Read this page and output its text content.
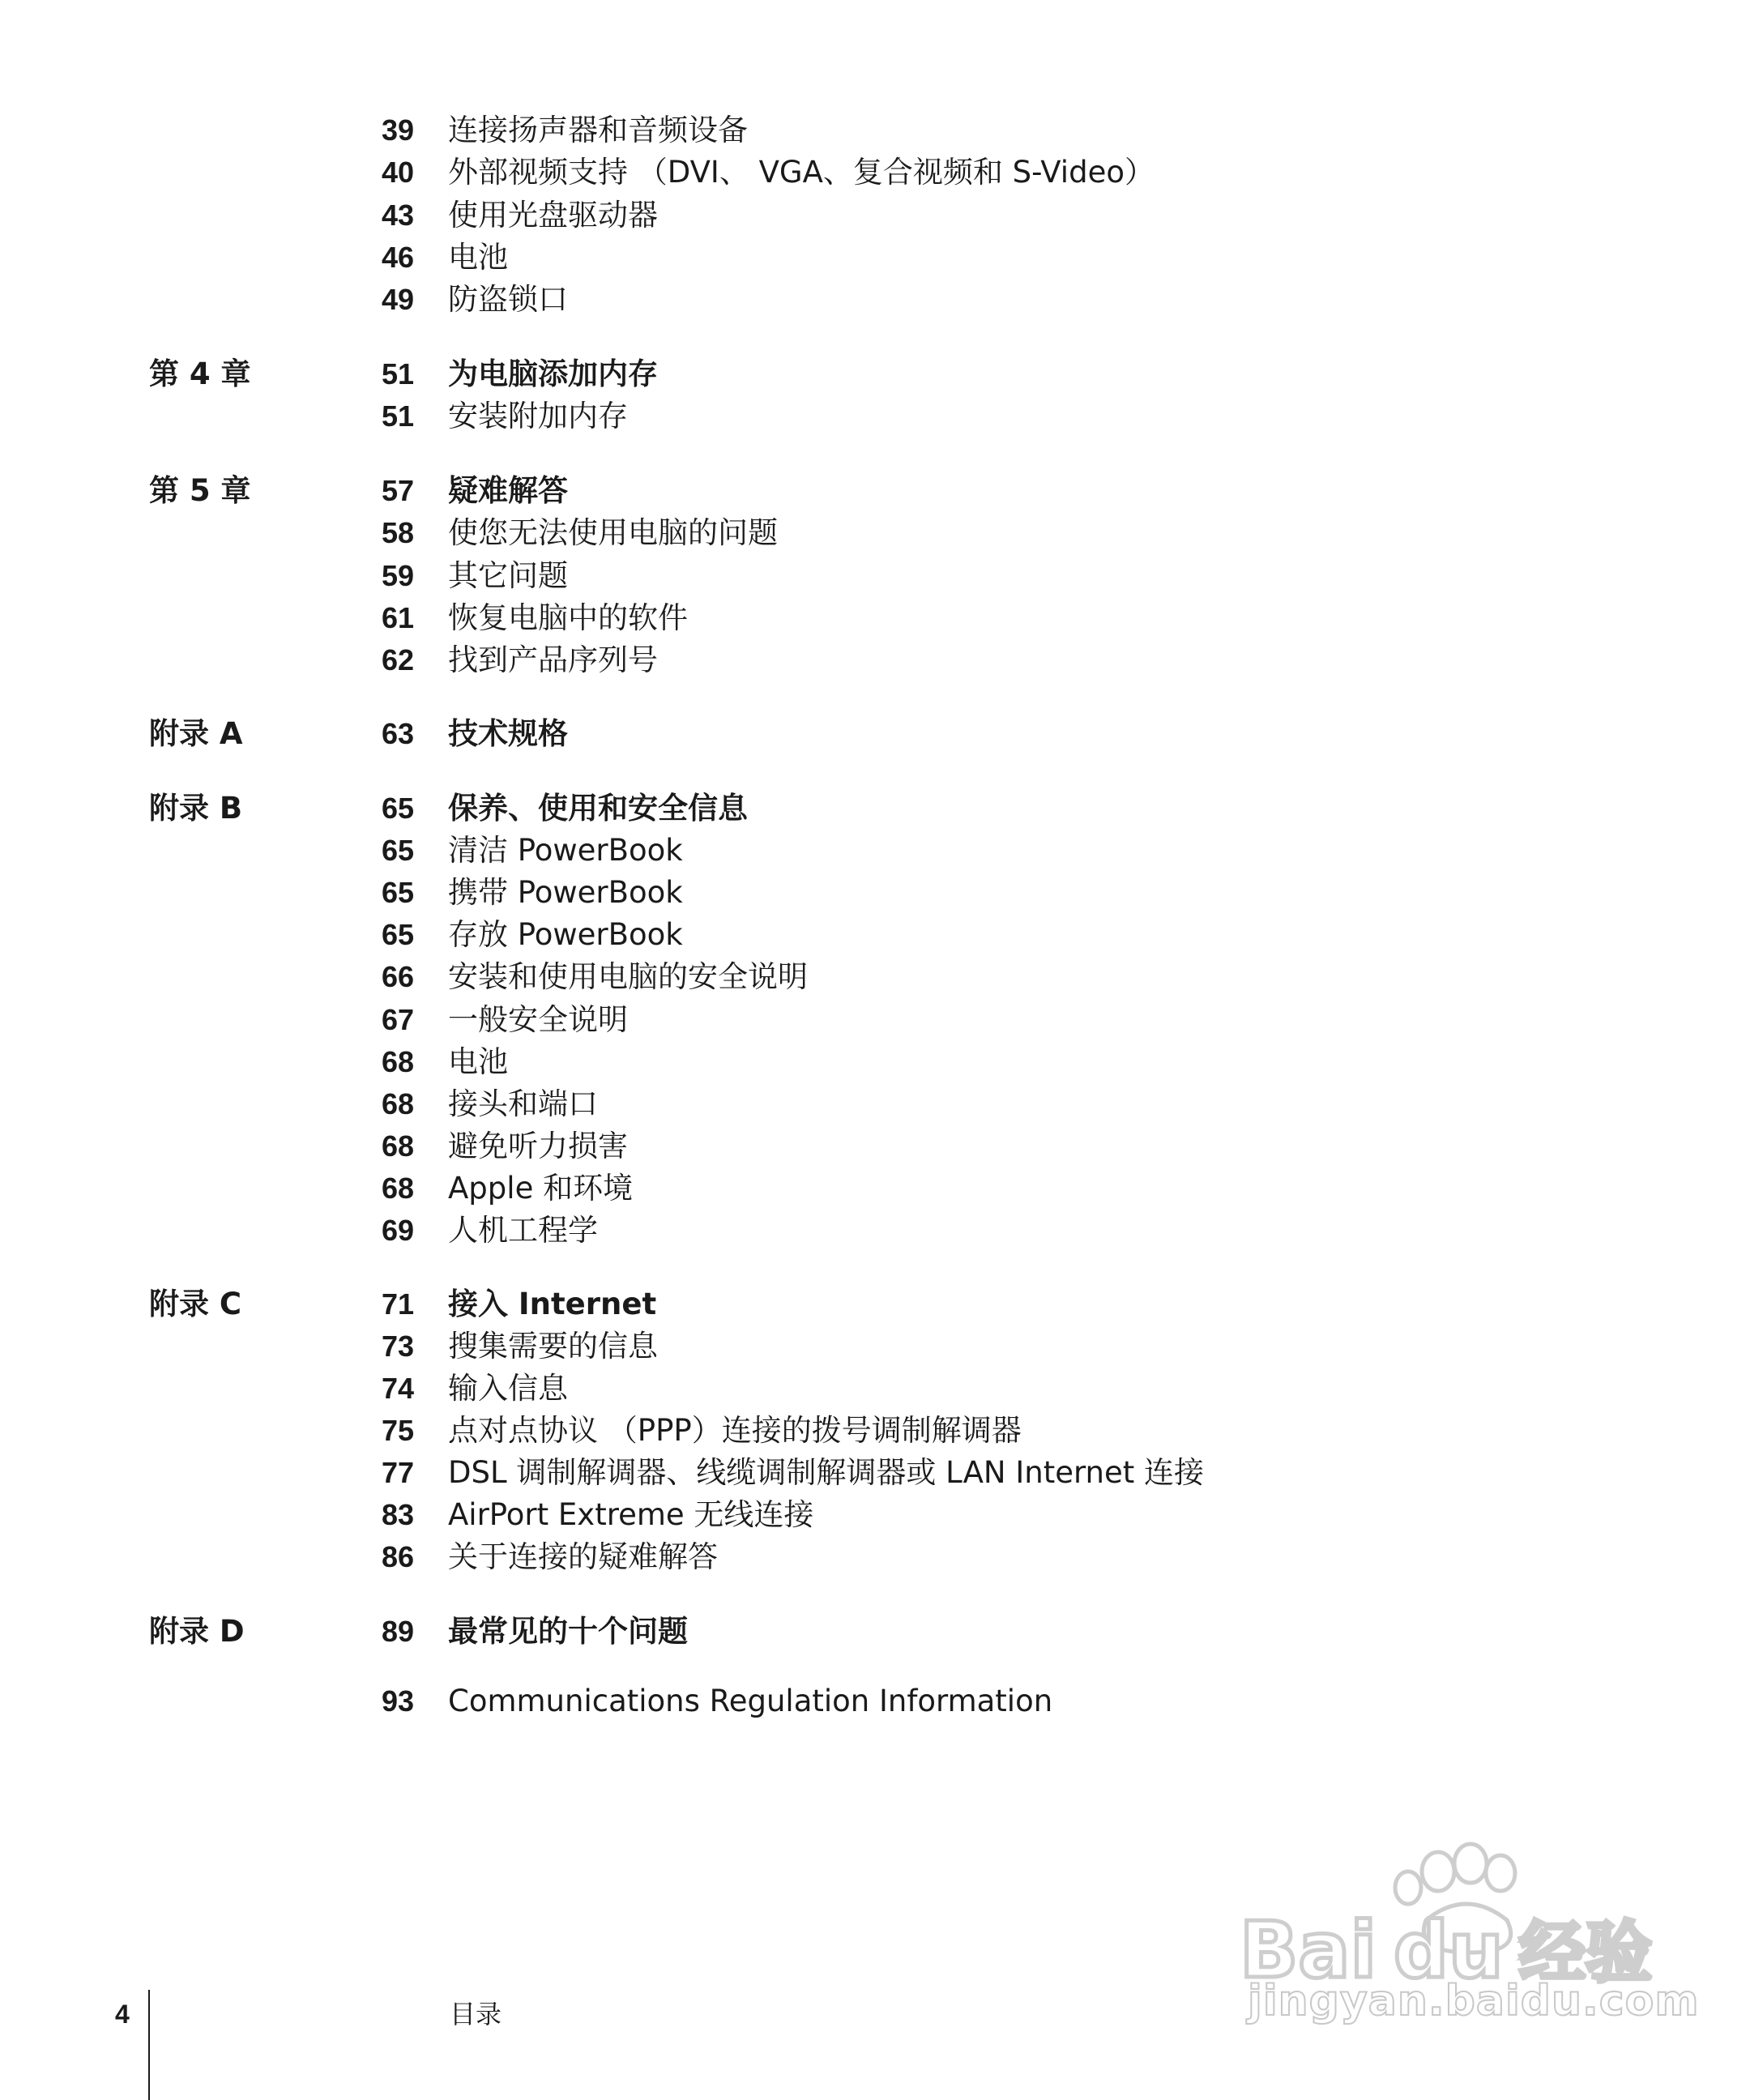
39 连接扬声器和音频设备
40 外部视频支持 （DVI、 VGA、复合视频和 S-Video）
43 使用光盘驱动器
46 电池
49 防盗锁口
第 4 章	51 为电脑添加内存
51 安装附加内存
第 5 章	57 疑难解答
58 使您无法使用电脑的问题
59 其它问题
61 恢复电脑中的软件
62 找到产品序列号
附录 A	63 技术规格
附录 B	65 保养、使用和安全信息
65 清洁 PowerBook
65 携带 PowerBook
65 存放 PowerBook
66 安装和使用电脑的安全说明
67 一般安全说明
68 电池
68 接头和端口
68 避免听力损害
68 Apple 和环境
69 人机工程学
附录 C	71 接入 Internet
73 搜集需要的信息
74 输入信息
75 点对点协议 （PPP）连接的拨号调制解调器
77 DSL 调制解调器、线缆调制解调器或 LAN Internet 连接
83 AirPort Extreme 无线连接
86 关于连接的疑难解答
附录 D	89 最常见的十个问题
93 Communications Regulation Information
4	目录
Bai du 经验
jingyan.baidu.com
